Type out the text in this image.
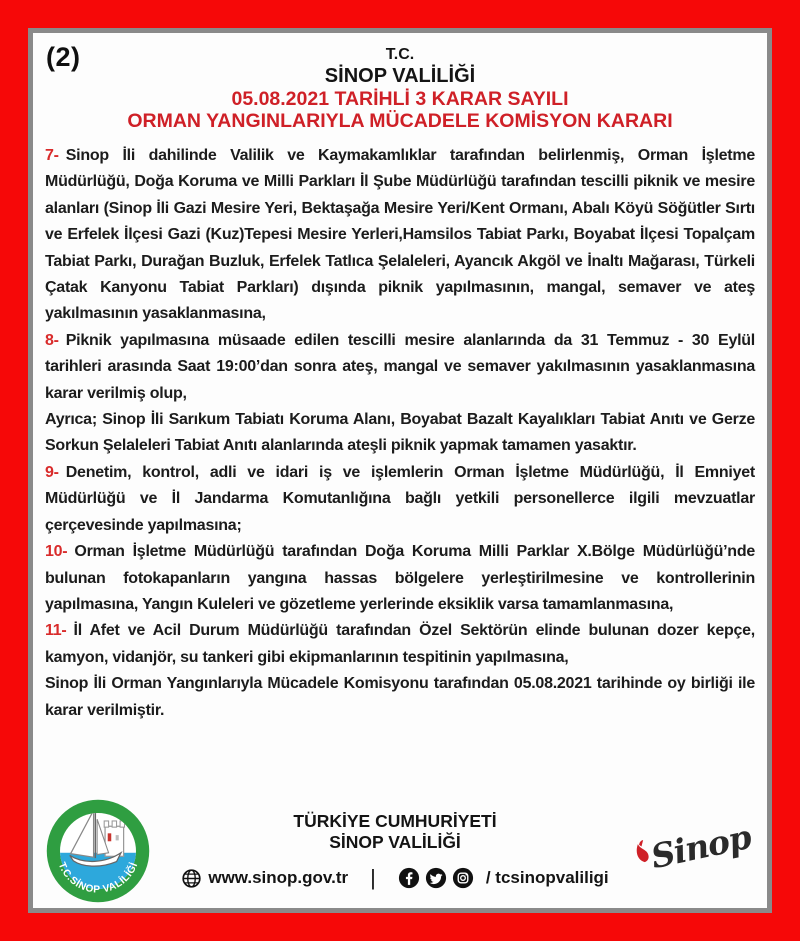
(2)	T.C.
SİNOP VALİLİĞİ
05.08.2021 TARİHLİ 3 KARAR SAYILI
ORMAN YANGINLARIYLA MÜCADELE KOMİSYON KARARI

7- Sinop İli dahilinde Valilik ve Kaymakamlıklar tarafından belirlenmiş, Orman İşletme Müdürlüğü, Doğa Koruma ve Milli Parkları İl Şube Müdürlüğü tarafından tescilli piknik ve mesire alanları (Sinop İli Gazi Mesire Yeri, Bektaşağa Mesire Yeri/Kent Ormanı, Abalı Köyü Söğütler Sırtı ve Erfelek İlçesi Gazi (Kuz)Tepesi Mesire Yerleri,Hamsilos Tabiat Parkı, Boyabat İlçesi Topalçam Tabiat Parkı, Durağan Buzluk, Erfelek Tatlıca Şelaleleri, Ayancık Akgöl ve İnaltı Mağarası, Türkeli Çatak Kanyonu Tabiat Parkları) dışında piknik yapılmasının, mangal, semaver ve ateş yakılmasının yasaklanmasına,

8- Piknik yapılmasına müsaade edilen tescilli mesire alanlarında da 31 Temmuz - 30 Eylül tarihleri arasında Saat 19:00’dan sonra ateş, mangal ve semaver yakılmasının yasaklanmasına karar verilmiş olup,

Ayrıca; Sinop İli Sarıkum Tabiatı Koruma Alanı, Boyabat Bazalt Kayalıkları Tabiat Anıtı ve Gerze Sorkun Şelaleleri Tabiat Anıtı alanlarında ateşli piknik yapmak tamamen yasaktır.

9- Denetim, kontrol, adli ve idari iş ve işlemlerin Orman İşletme Müdürlüğü, İl Emniyet Müdürlüğü ve İl Jandarma Komutanlığına bağlı yetkili personellerce ilgili mevzuatlar çerçevesinde yapılmasına;

10- Orman İşletme Müdürlüğü tarafından Doğa Koruma Milli Parklar X.Bölge Müdürlüğü’nde bulunan fotokapanların yangına hassas bölgelere yerleştirilmesine ve kontrollerinin yapılmasına, Yangın Kuleleri ve gözetleme yerlerinde eksiklik varsa tamamlanmasına,

11- İl Afet ve Acil Durum Müdürlüğü tarafından Özel Sektörün elinde bulunan dozer kepçe, kamyon, vidanjör, su tankeri gibi ekipmanlarının tespitinin yapılmasına,

Sinop İli Orman Yangınlarıyla Mücadele Komisyonu tarafından 05.08.2021 tarihinde oy birliği ile karar verilmiştir.

T.C.SİNOP VALİLİĞİ
TÜRKİYE CUMHURİYETİ
SİNOP VALİLİĞİ
www.sinop.gov.tr |	/ tcsinopvaliligi
Sinop
